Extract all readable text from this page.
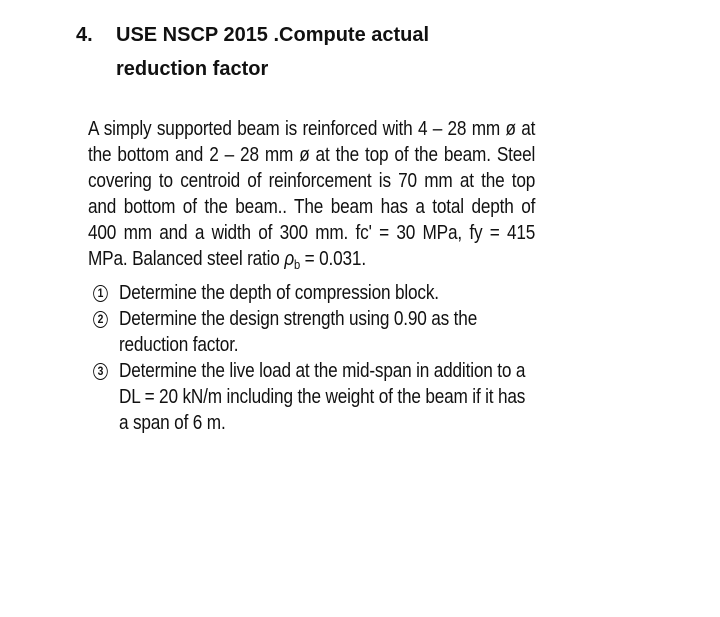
4. USE NSCP 2015 .Compute actual
reduction factor
A simply supported beam is reinforced with 4 – 28 mm ø at the bottom and 2 – 28 mm ø at the top of the beam. Steel covering to centroid of reinforcement is 70 mm at the top and bottom of the beam.. The beam has a total depth of 400 mm and a width of 300 mm. fc' = 30 MPa, fy = 415 MPa. Balanced steel ratio $\rho_b = 0.031$.
1 Determine the depth of compression block.
2 Determine the design strength using 0.90 as the reduction factor.
3 Determine the live load at the mid-span in addition to a DL = 20 kN/m including the weight of the beam if it has a span of 6 m.
